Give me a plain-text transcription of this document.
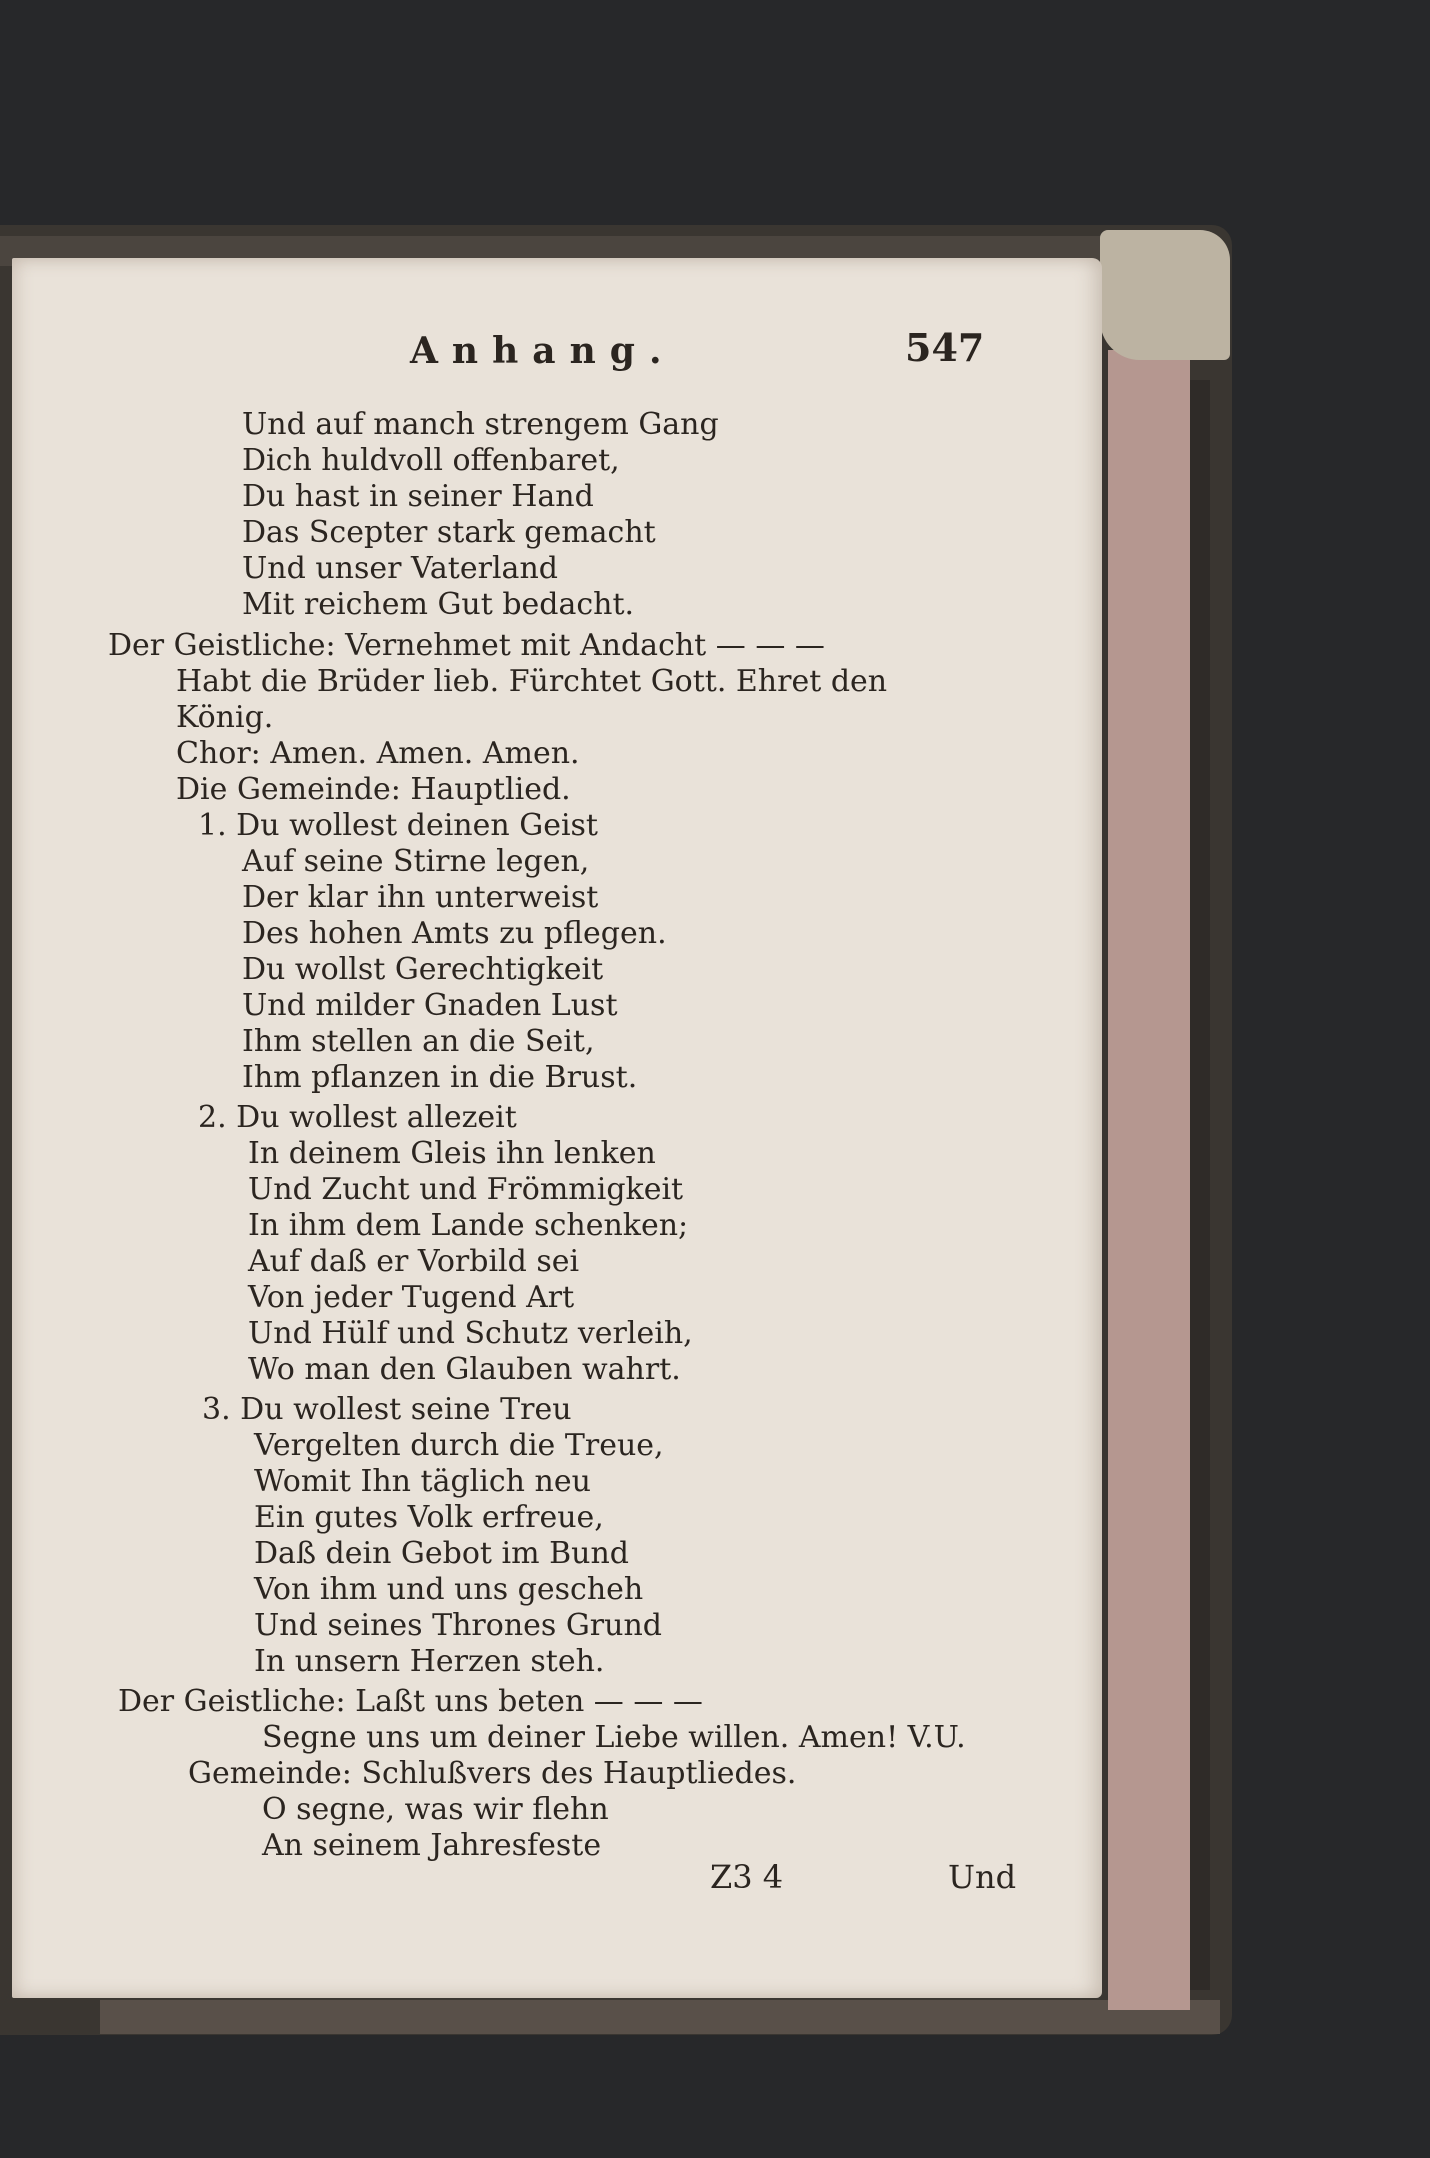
Anhang.	547
Und auf manch strengem Gang
Dich huldvoll offenbaret,
Du hast in seiner Hand
Das Scepter stark gemacht
Und unser Vaterland
Mit reichem Gut bedacht.
Der Geistliche: Vernehmet mit Andacht — — —
Habt die Brüder lieb. Fürchtet Gott. Ehret den
König.
Chor: Amen. Amen. Amen.
Die Gemeinde: Hauptlied.
1. Du wollest deinen Geist
Auf seine Stirne legen,
Der klar ihn unterweist
Des hohen Amts zu pflegen.
Du wollst Gerechtigkeit
Und milder Gnaden Lust
Ihm stellen an die Seit,
Ihm pflanzen in die Brust.
2. Du wollest allezeit
In deinem Gleis ihn lenken
Und Zucht und Frömmigkeit
In ihm dem Lande schenken;
Auf daß er Vorbild sei
Von jeder Tugend Art
Und Hülf und Schutz verleih,
Wo man den Glauben wahrt.
3. Du wollest seine Treu
Vergelten durch die Treue,
Womit Ihn täglich neu
Ein gutes Volk erfreue,
Daß dein Gebot im Bund
Von ihm und uns gescheh
Und seines Thrones Grund
In unsern Herzen steh.
Der Geistliche: Laßt uns beten — — —
Segne uns um deiner Liebe willen. Amen! V.U.
Gemeinde: Schlußvers des Hauptliedes.
O segne, was wir flehn
An seinem Jahresfeste
Z3 4	Und
